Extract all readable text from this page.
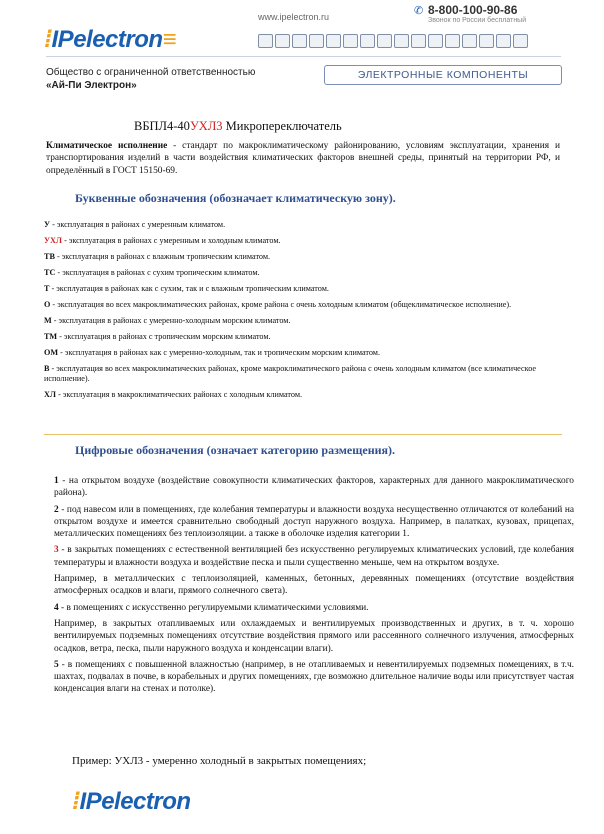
www.ipelectron.ru	✆ 8-800-100-90-86
Звонок по России бесплатный
⁞IPelectron≡
Общество с ограниченной ответственностью
«Ай-Пи Электрон»
ЭЛЕКТРОННЫЕ КОМПОНЕНТЫ
ВБПЛ4-40УХЛ3 Микропереключатель
Климатическое исполнение - стандарт по макроклиматическому районированию, условиям эксплуатации, хранения и транспортирования изделий в части воздействия климатических факторов внешней среды, принятый на территории РФ, и определённый в ГОСТ 15150-69.
Буквенные обозначения (обозначает климатическую зону).
У - эксплуатация в районах с умеренным климатом.
УХЛ - эксплуатация в районах с умеренным и холодным климатом.
ТВ - эксплуатация в районах с влажным тропическим климатом.
ТС - эксплуатация в районах с сухим тропическим климатом.
Т - эксплуатация в районах как с сухим, так и с влажным тропическим климатом.
О - эксплуатация во всех макроклиматических районах, кроме района с очень холодным климатом (общеклиматическое исполнение).
М - эксплуатация в районах с умеренно-холодным морским климатом.
ТМ - эксплуатация в районах с тропическим морским климатом.
ОМ - эксплуатация в районах как с умеренно-холодным, так и тропическим морским климатом.
В - эксплуатация во всех макроклиматических районах, кроме макроклиматического района с очень холодным климатом (все климатическое исполнение).
ХЛ - эксплуатация в макроклиматических районах с холодным климатом.
Цифровые обозначения (означает категорию размещения).
1 - на открытом воздухе (воздействие совокупности климатических факторов, характерных для данного макроклиматического района).
2 - под навесом или в помещениях, где колебания температуры и влажности воздуха несущественно отличаются от колебаний на открытом воздухе и имеется сравнительно свободный доступ наружного воздуха. Например, в палатках, кузовах, прицепах, металлических помещениях без теплоизоляции. а также в оболочке изделия категории 1.
3 - в закрытых помещениях с естественной вентиляцией без искусственно регулируемых климатических условий, где колебания температуры и влажности воздуха и воздействие песка и пыли существенно меньше, чем на открытом воздухе.
Например, в металлических с теплоизоляцией, каменных, бетонных, деревянных помещениях (отсутствие воздействия атмосферных осадков и влаги, прямого солнечного света).
4 - в помещениях с искусственно регулируемыми климатическими условиями.
Например, в закрытых отапливаемых или охлаждаемых и вентилируемых производственных и других, в т. ч. хорошо вентилируемых подземных помещениях отсутствие воздействия прямого или рассеянного солнечного излучения, атмосферных осадков, ветра, песка, пыли наружного воздуха и конденсации влаги).
5 - в помещениях с повышенной влажностью (например, в не отапливаемых и невентилируемых подземных помещениях, в т.ч. шахтах, подвалах в почве, в корабельных и других помещениях, где возможно длительное наличие воды или присутствует частая конденсация влаги на стенах и потолке).
Пример: УХЛ3 - умеренно холодный в закрытых помещениях;
⁞IPelectron
